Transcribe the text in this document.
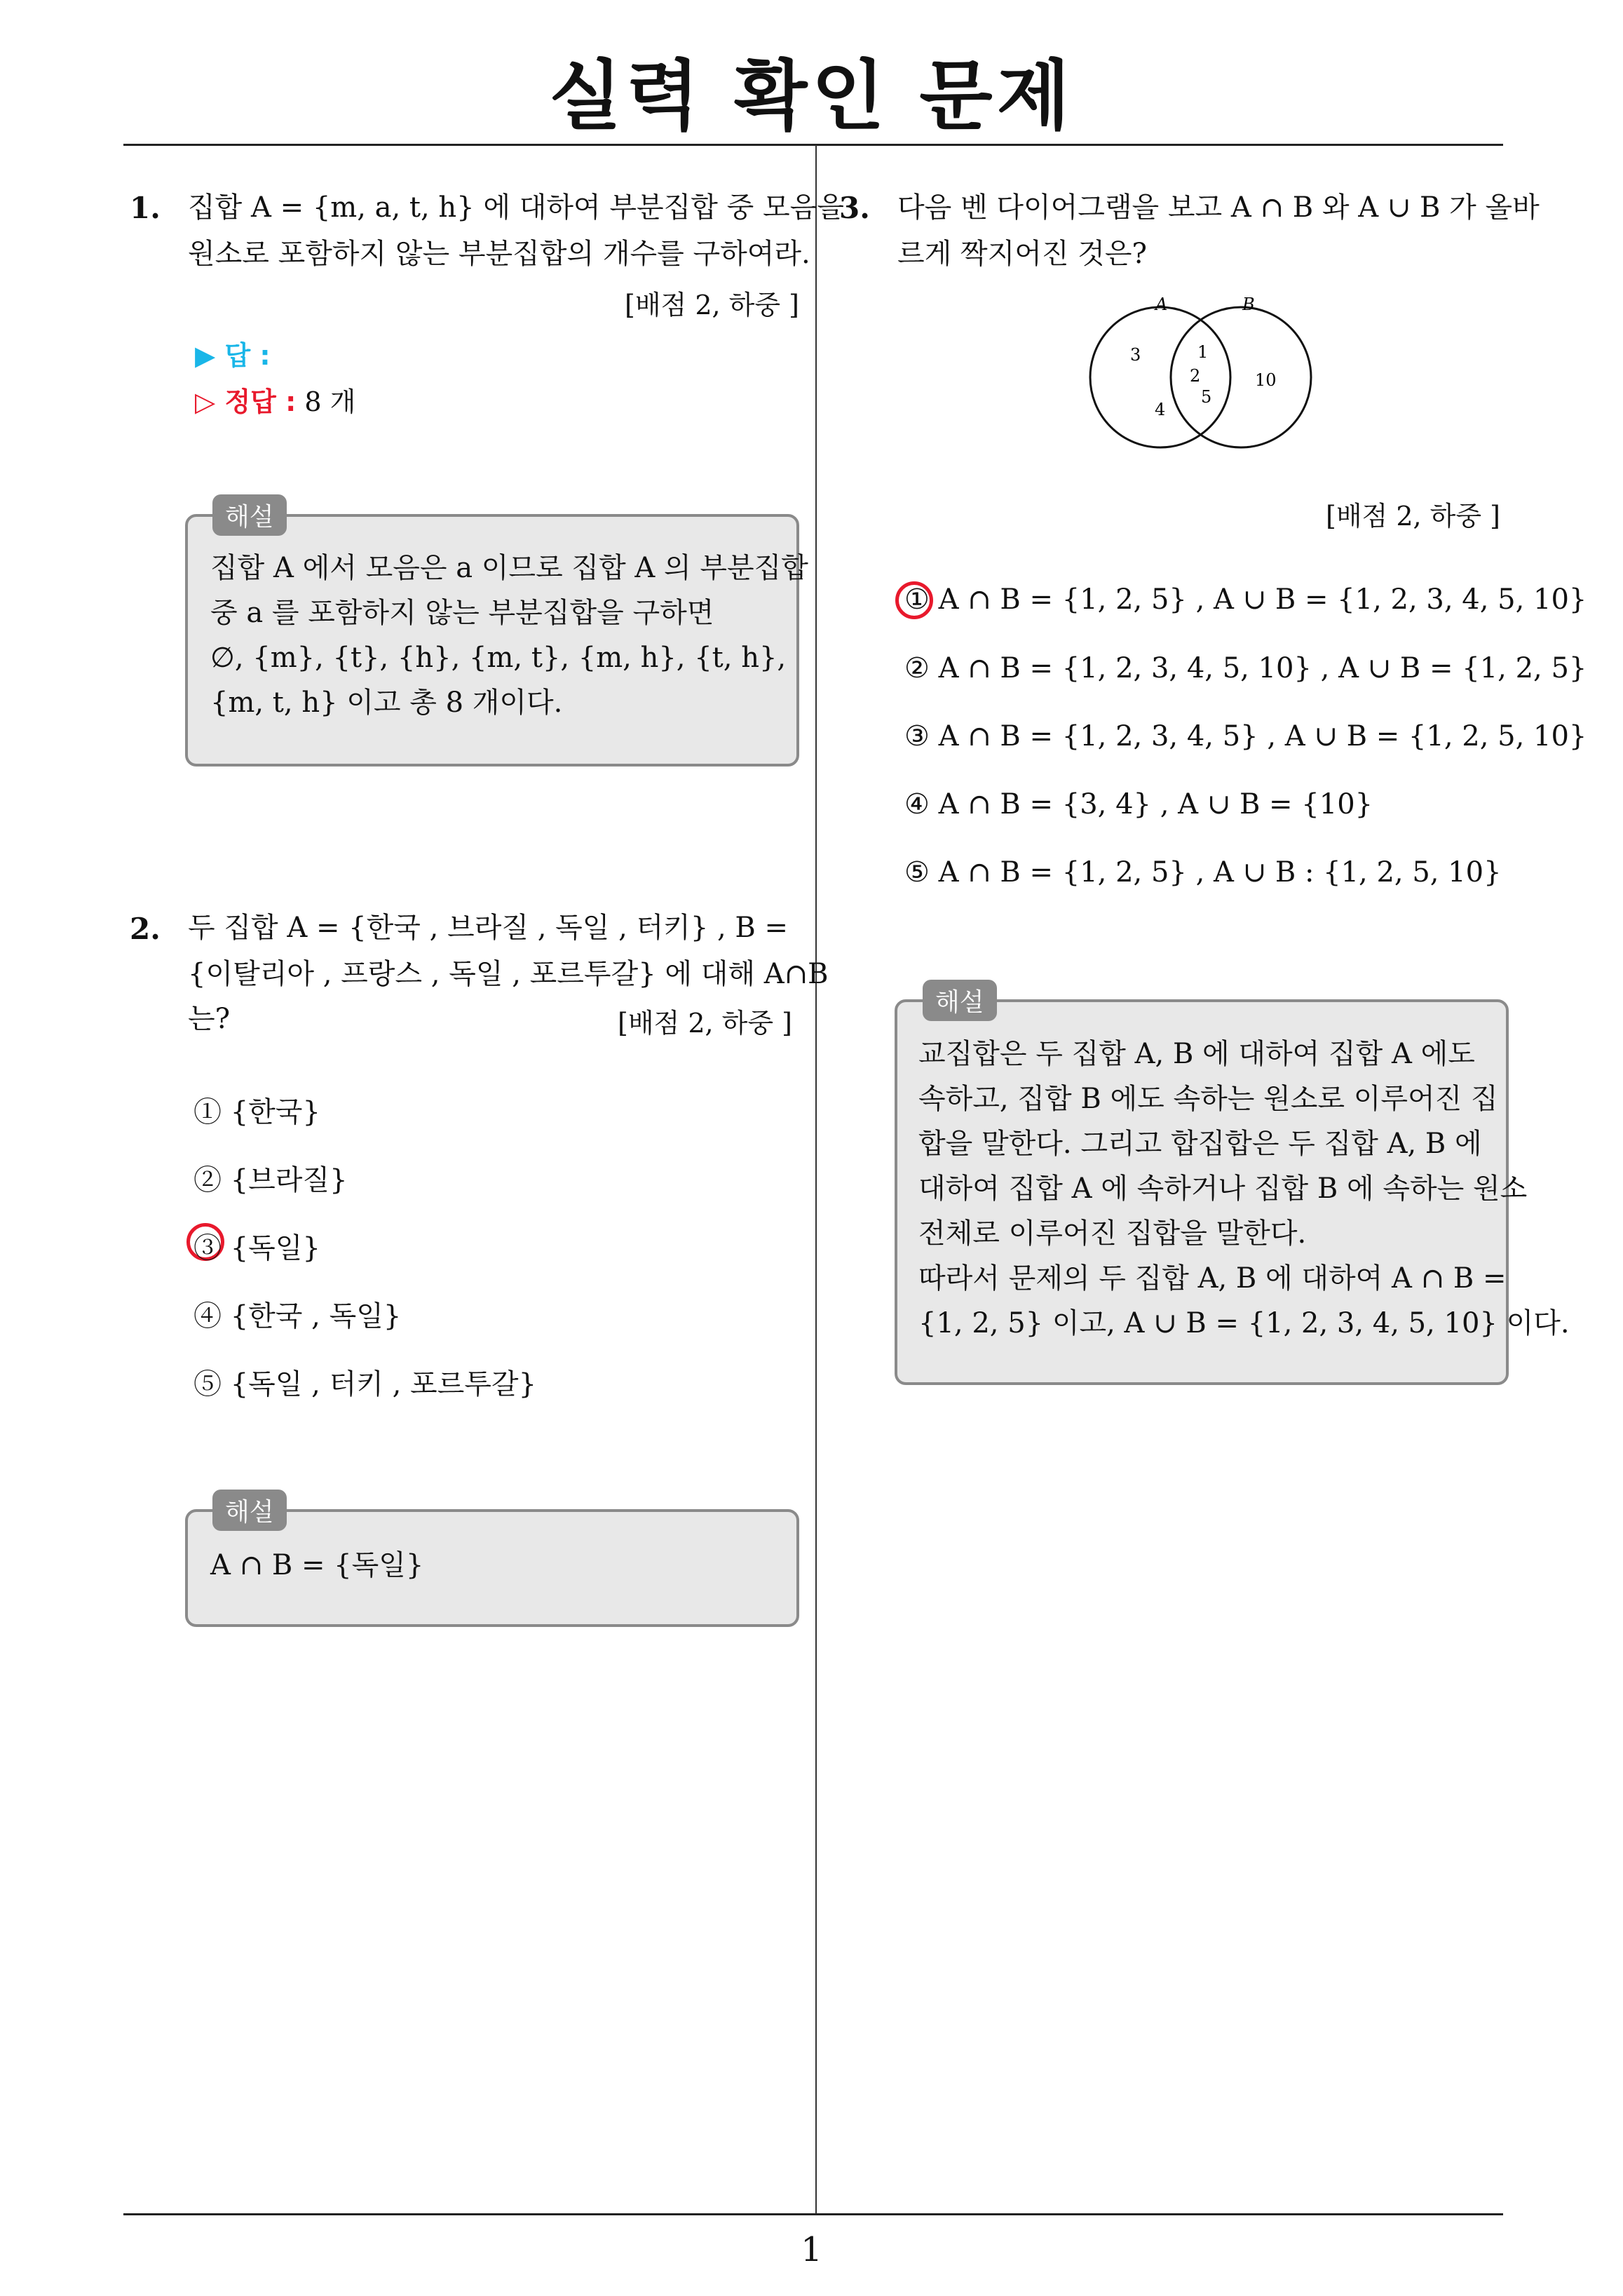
실력 확인 문제
1
1. 집합 A = {m, a, t, h} 에 대하여 부분집합 중 모음을
원소로 포함하지 않는 부분집합의 개수를 구하여라.
[배점 2, 하중 ]
▶ 답 :
▷ 정답 : 8 개
해설
집합 A 에서 모음은 a 이므로 집합 A 의 부분집합
중 a 를 포함하지 않는 부분집합을 구하면
∅, {m}, {t}, {h}, {m, t}, {m, h}, {t, h},
{m, t, h} 이고 총 8 개이다.
2. 두 집합 A = {한국 , 브라질 , 독일 , 터키} , B =
{이탈리아 , 프랑스 , 독일 , 포르투갈} 에 대해 A∩B
는?	[배점 2, 하중 ]
① {한국}
② {브라질}
③ {독일}
④ {한국 , 독일}
⑤ {독일 , 터키 , 포르투갈}
해설
A ∩ B = {독일}
3. 다음 벤 다이어그램을 보고 A ∩ B 와 A ∪ B 가 올바
르게 짝지어진 것은?
A	B
3
4
1
2
5
10
[배점 2, 하중 ]
① A ∩ B = {1, 2, 5} , A ∪ B = {1, 2, 3, 4, 5, 10}
② A ∩ B = {1, 2, 3, 4, 5, 10} , A ∪ B = {1, 2, 5}
③ A ∩ B = {1, 2, 3, 4, 5} , A ∪ B = {1, 2, 5, 10}
④ A ∩ B = {3, 4} , A ∪ B = {10}
⑤ A ∩ B = {1, 2, 5} , A ∪ B : {1, 2, 5, 10}
해설
교집합은 두 집합 A, B 에 대하여 집합 A 에도
속하고, 집합 B 에도 속하는 원소로 이루어진 집
합을 말한다. 그리고 합집합은 두 집합 A, B 에
대하여 집합 A 에 속하거나 집합 B 에 속하는 원소
전체로 이루어진 집합을 말한다.
따라서 문제의 두 집합 A, B 에 대하여 A ∩ B =
{1, 2, 5} 이고, A ∪ B = {1, 2, 3, 4, 5, 10} 이다.
